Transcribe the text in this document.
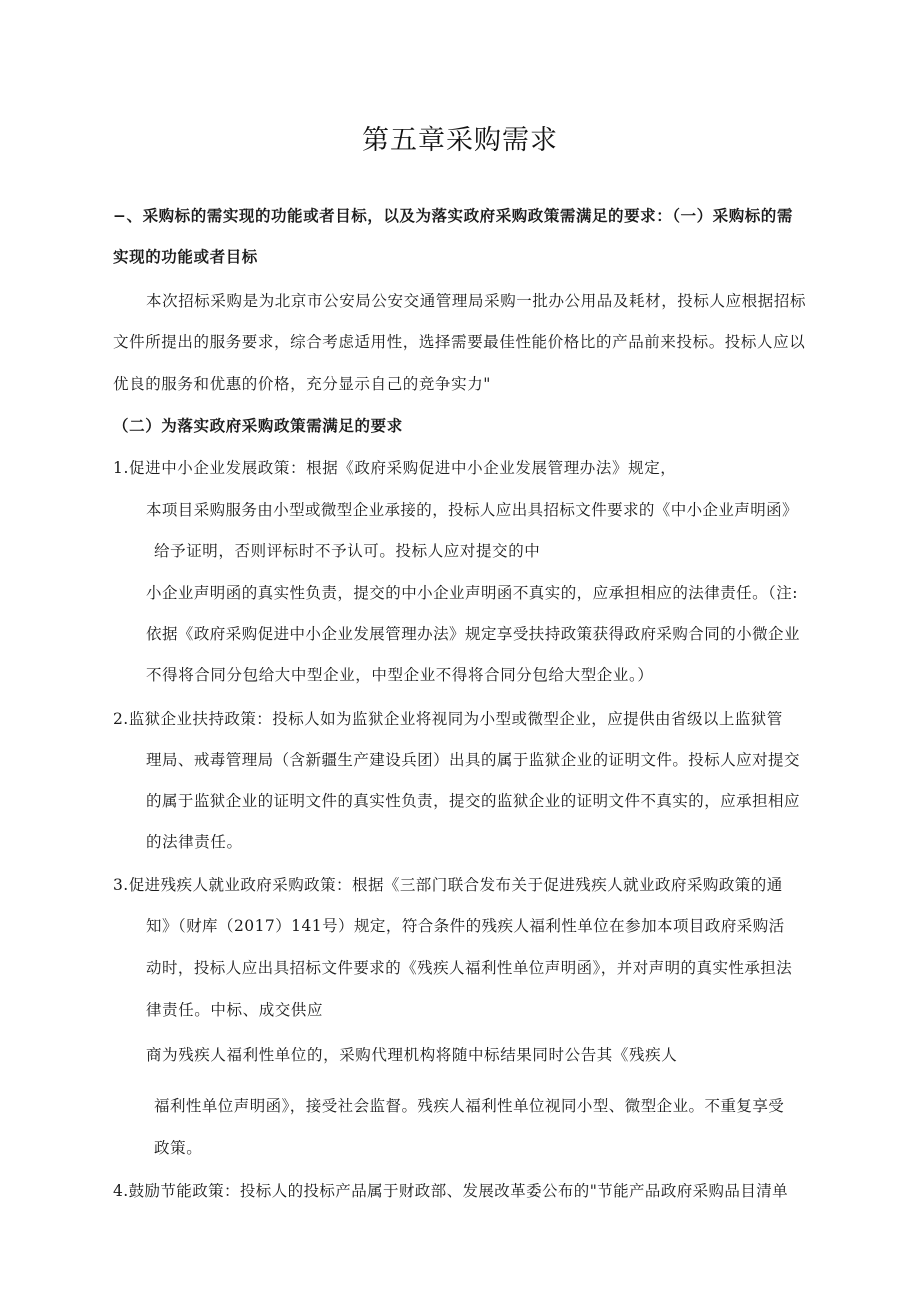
第五章采购需求
−、采购标的需实现的功能或者目标，以及为落实政府采购政策需满足的要求：（一）采购标的需
实现的功能或者目标
本次招标采购是为北京市公安局公安交通管理局采购一批办公用品及耗材，投标人应根据招标
文件所提出的服务要求，综合考虑适用性，选择需要最佳性能价格比的产品前来投标。投标人应以
优良的服务和优惠的价格，充分显示自己的竞争实力"
（二）为落实政府采购政策需满足的要求
1.促进中小企业发展政策：根据《政府采购促进中小企业发展管理办法》规定，
本项目采购服务由小型或微型企业承接的，投标人应出具招标文件要求的《中小企业声明函》
给予证明，否则评标时不予认可。投标人应对提交的中
小企业声明函的真实性负责，提交的中小企业声明函不真实的，应承担相应的法律责任。（注:
依据《政府采购促进中小企业发展管理办法》规定享受扶持政策获得政府采购合同的小微企业
不得将合同分包给大中型企业，中型企业不得将合同分包给大型企业。）
2.监狱企业扶持政策：投标人如为监狱企业将视同为小型或微型企业，应提供由省级以上监狱管
理局、戒毒管理局（含新疆生产建设兵团）出具的属于监狱企业的证明文件。投标人应对提交
的属于监狱企业的证明文件的真实性负责，提交的监狱企业的证明文件不真实的，应承担相应
的法律责任。
3.促进残疾人就业政府采购政策：根据《三部门联合发布关于促进残疾人就业政府采购政策的通
知》（财库（2017）141号）规定，符合条件的残疾人福利性单位在参加本项目政府采购活
动时，投标人应出具招标文件要求的《残疾人福利性单位声明函》，并对声明的真实性承担法
律责任。中标、成交供应
商为残疾人福利性单位的，采购代理机构将随中标结果同时公告其《残疾人
福利性单位声明函》，接受社会监督。残疾人福利性单位视同小型、微型企业。不重复享受
政策。
4.鼓励节能政策：投标人的投标产品属于财政部、发展改革委公布的"节能产品政府采购品目清单
